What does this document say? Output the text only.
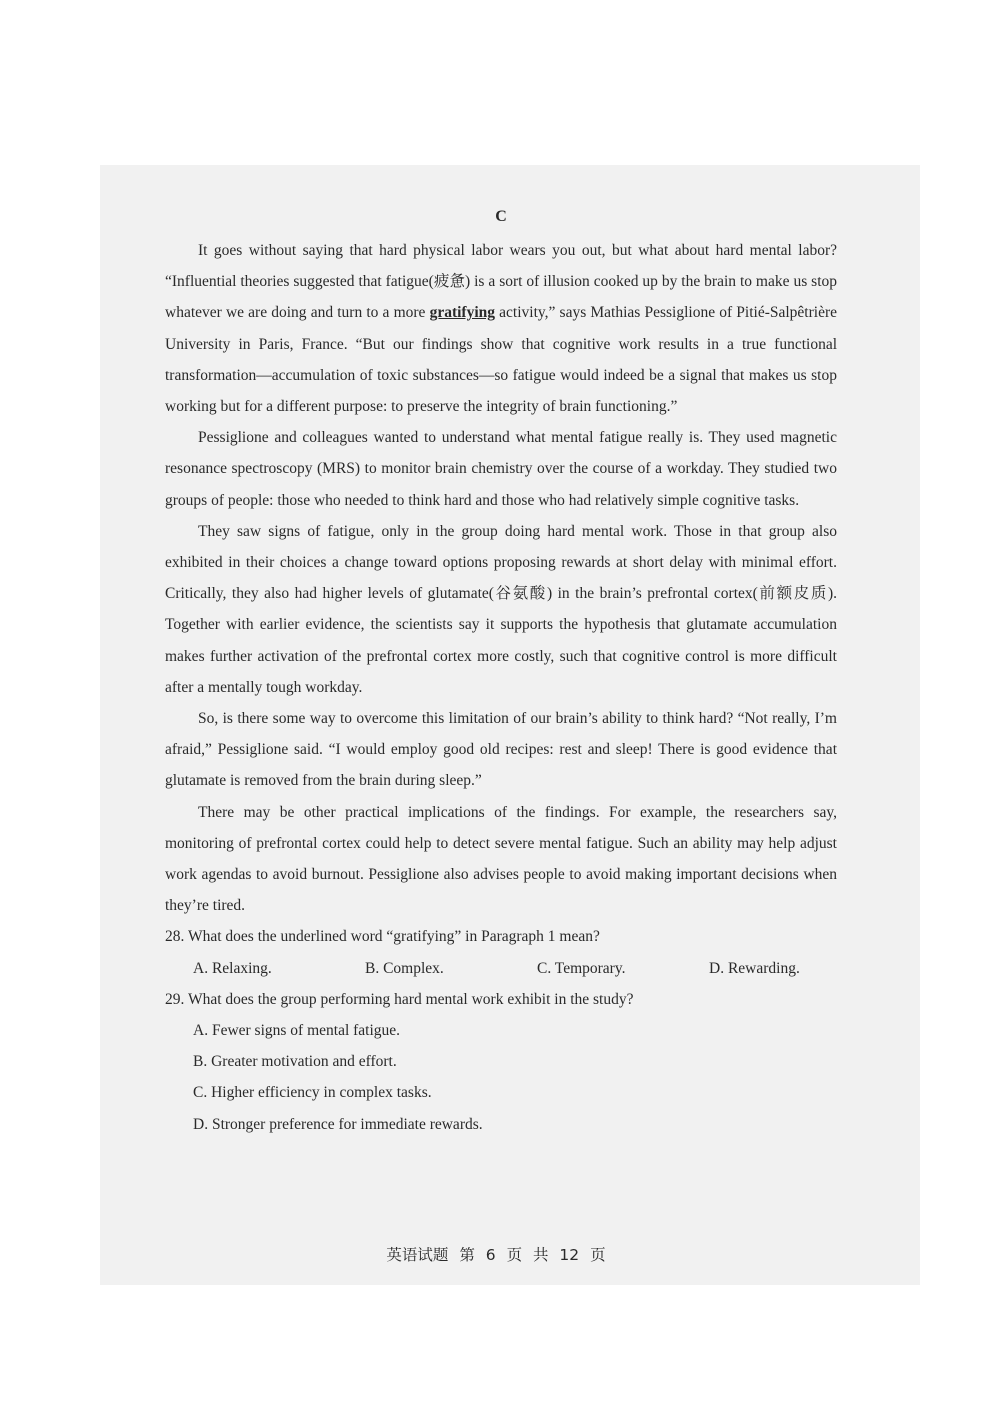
C

It goes without saying that hard physical labor wears you out, but what about hard mental labor? “Influential theories suggested that fatigue(疲惫) is a sort of illusion cooked up by the brain to make us stop whatever we are doing and turn to a more gratifying activity,” says Mathias Pessiglione of Pitié-Salpêtrière University in Paris, France. “But our findings show that cognitive work results in a true functional transformation—accumulation of toxic substances—so fatigue would indeed be a signal that makes us stop working but for a different purpose: to preserve the integrity of brain functioning.”

Pessiglione and colleagues wanted to understand what mental fatigue really is. They used magnetic resonance spectroscopy (MRS) to monitor brain chemistry over the course of a workday. They studied two groups of people: those who needed to think hard and those who had relatively simple cognitive tasks.

They saw signs of fatigue, only in the group doing hard mental work. Those in that group also exhibited in their choices a change toward options proposing rewards at short delay with minimal effort. Critically, they also had higher levels of glutamate(谷氨酸) in the brain’s prefrontal cortex(前额皮质). Together with earlier evidence, the scientists say it supports the hypothesis that glutamate accumulation makes further activation of the prefrontal cortex more costly, such that cognitive control is more difficult after a mentally tough workday.

So, is there some way to overcome this limitation of our brain’s ability to think hard? “Not really, I’m afraid,” Pessiglione said. “I would employ good old recipes: rest and sleep! There is good evidence that glutamate is removed from the brain during sleep.”

There may be other practical implications of the findings. For example, the researchers say, monitoring of prefrontal cortex could help to detect severe mental fatigue. Such an ability may help adjust work agendas to avoid burnout. Pessiglione also advises people to avoid making important decisions when they’re tired.

28. What does the underlined word “gratifying” in Paragraph 1 mean?
A. Relaxing.	B. Complex.	C. Temporary.	D. Rewarding.
29. What does the group performing hard mental work exhibit in the study?
A. Fewer signs of mental fatigue.
B. Greater motivation and effort.
C. Higher efficiency in complex tasks.
D. Stronger preference for immediate rewards.
英语试题 第 6 页 共 12 页
